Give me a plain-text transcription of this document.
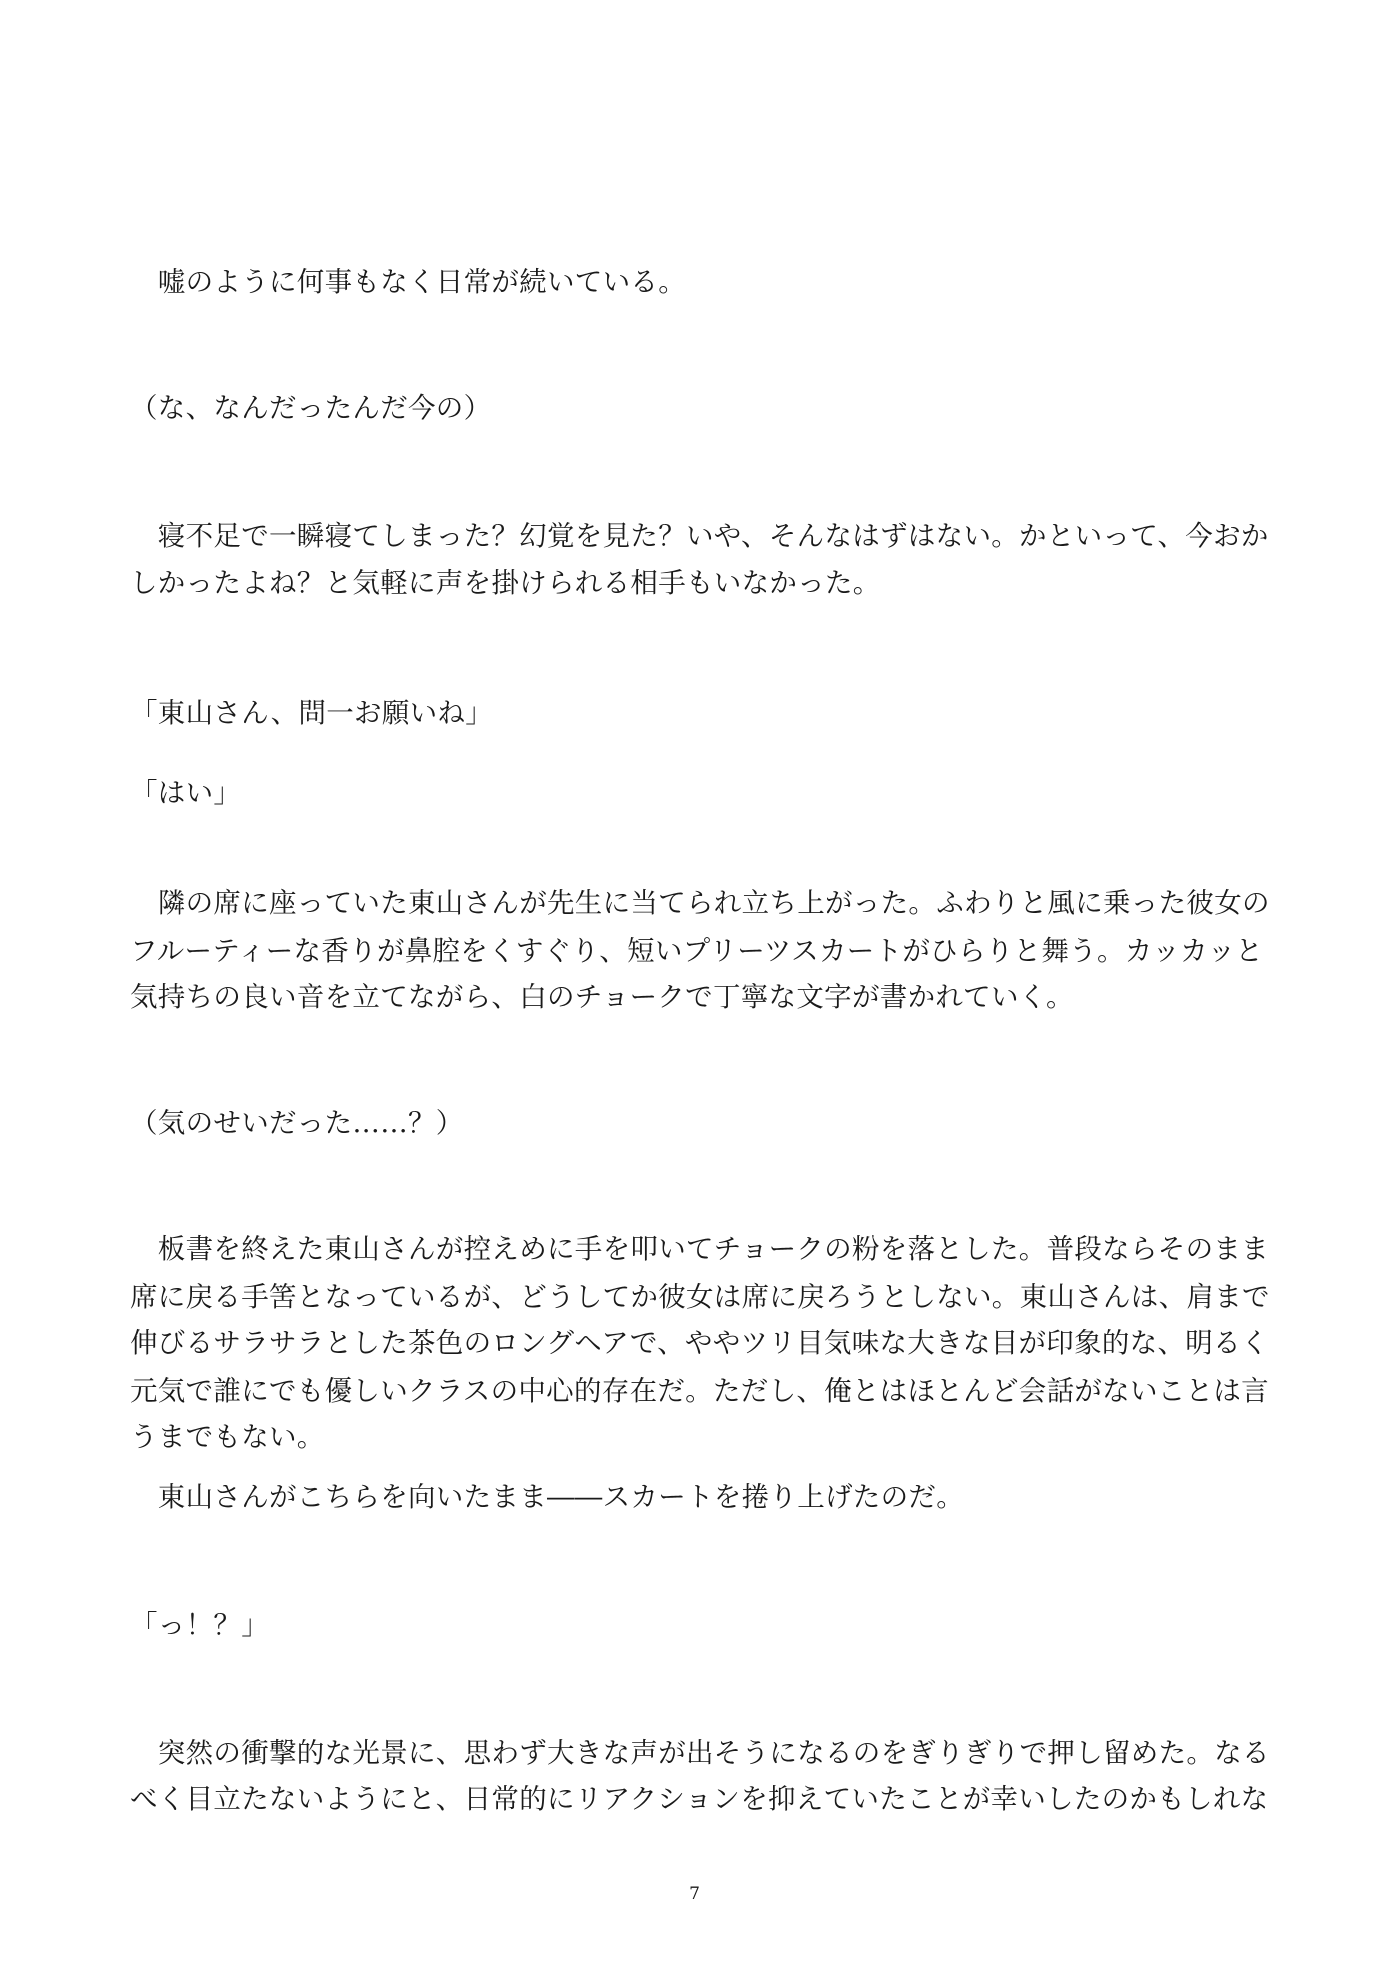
　嘘のように何事もなく日常が続いている。

（な、なんだったんだ今の）

　寝不足で一瞬寝てしまった？幻覚を見た？いや、そんなはずはない。かといって、今おか

しかったよね？と気軽に声を掛けられる相手もいなかった。

「東山さん、問一お願いね」

「はい」

　隣の席に座っていた東山さんが先生に当てられ立ち上がった。ふわりと風に乗った彼女の

フルーティーな香りが鼻腔をくすぐり、短いプリーツスカートがひらりと舞う。カッカッと

気持ちの良い音を立てながら、白のチョークで丁寧な文字が書かれていく。

（気のせいだった……？）

　板書を終えた東山さんが控えめに手を叩いてチョークの粉を落とした。普段ならそのまま

席に戻る手筈となっているが、どうしてか彼女は席に戻ろうとしない。東山さんは、肩まで

伸びるサラサラとした茶色のロングヘアで、ややツリ目気味な大きな目が印象的な、明るく

元気で誰にでも優しいクラスの中心的存在だ。ただし、俺とはほとんど会話がないことは言

うまでもない。

　東山さんがこちらを向いたまま――スカートを捲り上げたのだ。

「っ！？」

　突然の衝撃的な光景に、思わず大きな声が出そうになるのをぎりぎりで押し留めた。なる

べく目立たないようにと、日常的にリアクションを抑えていたことが幸いしたのかもしれな

7
